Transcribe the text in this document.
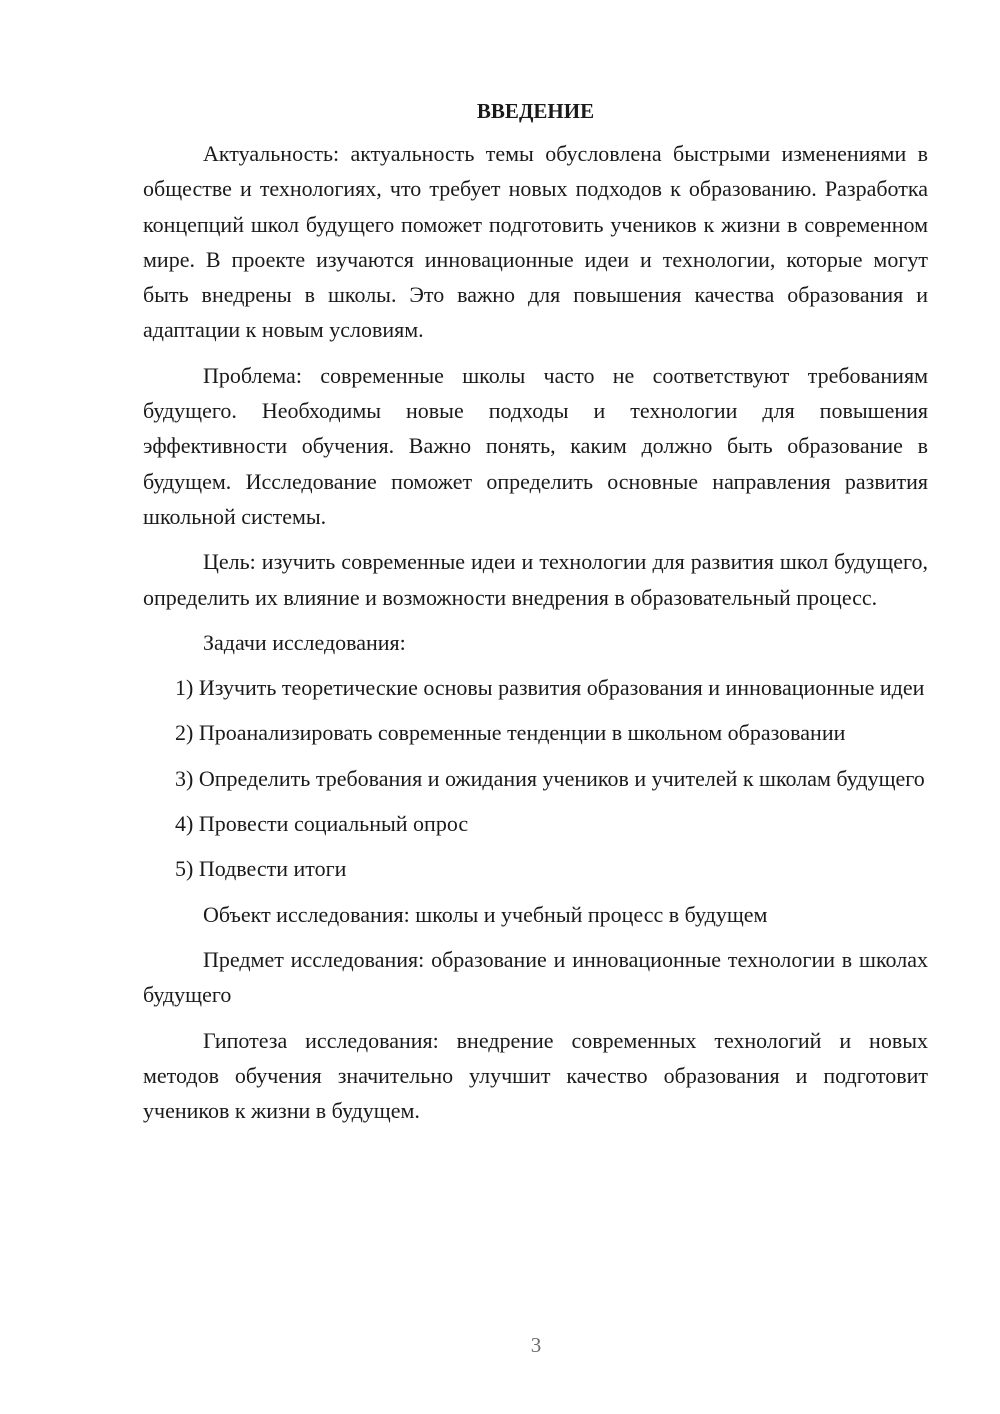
ВВЕДЕНИЕ

Актуальность: актуальность темы обусловлена быстрыми изменениями в обществе и технологиях, что требует новых подходов к образованию. Разработка концепций школ будущего поможет подготовить учеников к жизни в современном мире. В проекте изучаются инновационные идеи и технологии, которые могут быть внедрены в школы. Это важно для повышения качества образования и адаптации к новым условиям.

Проблема: современные школы часто не соответствуют требованиям будущего. Необходимы новые подходы и технологии для повышения эффективности обучения. Важно понять, каким должно быть образование в будущем. Исследование поможет определить основные направления развития школьной системы.

Цель: изучить современные идеи и технологии для развития школ будущего, определить их влияние и возможности внедрения в образовательный процесс.

Задачи исследования:

1) Изучить теоретические основы развития образования и инновационные идеи

2) Проанализировать современные тенденции в школьном образовании

3) Определить требования и ожидания учеников и учителей к школам будущего

4) Провести социальный опрос

5) Подвести итоги

Объект исследования: школы и учебный процесс в будущем

Предмет исследования: образование и инновационные технологии в школах будущего

Гипотеза исследования: внедрение современных технологий и новых методов обучения значительно улучшит качество образования и подготовит учеников к жизни в будущем.

3
